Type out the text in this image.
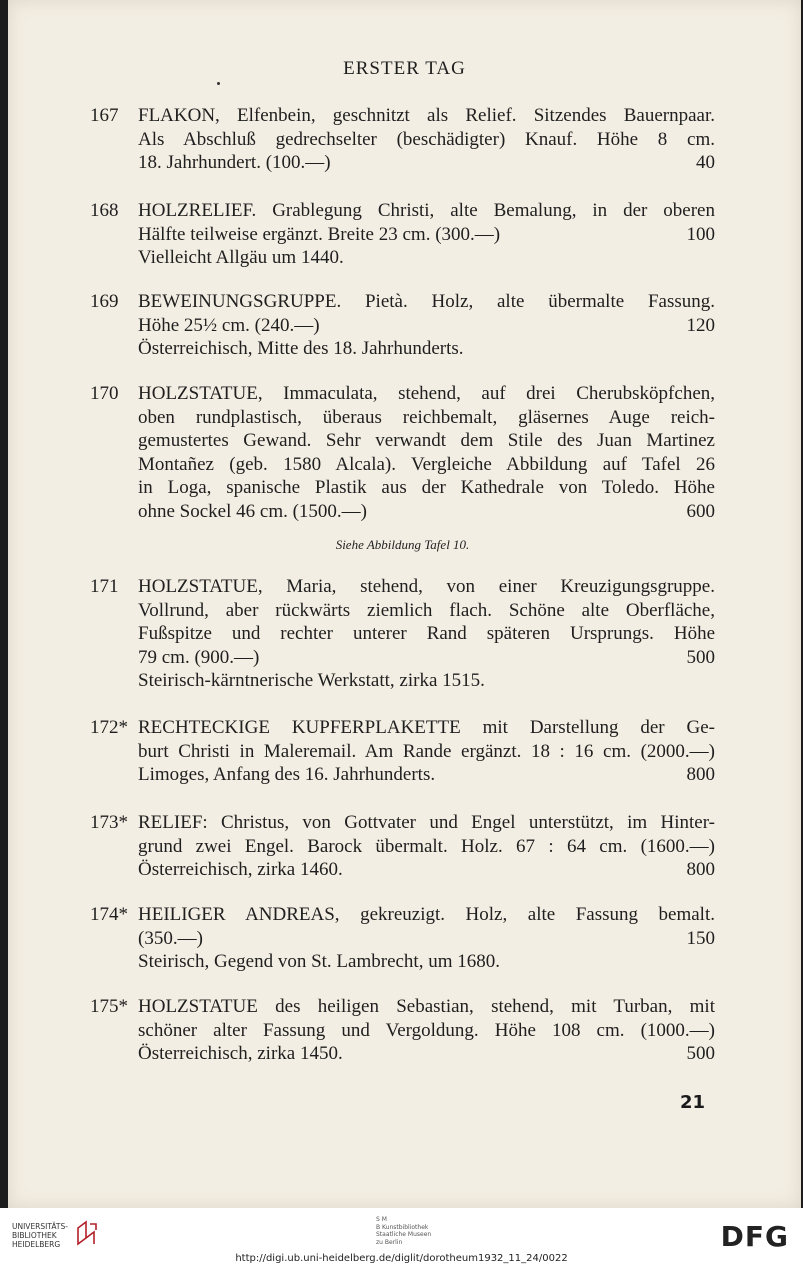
ERSTER TAG
167	FLAKON, Elfenbein, geschnitzt als Relief. Sitzendes Bauernpaar.
Als Abschluß gedrechselter (beschädigter) Knauf. Höhe 8 cm.
18. Jahrhundert. (100.—)	40
168	HOLZRELIEF. Grablegung Christi, alte Bemalung, in der oberen
Hälfte teilweise ergänzt. Breite 23 cm. (300.—)	100
Vielleicht Allgäu um 1440.
169	BEWEINUNGSGRUPPE. Pietà. Holz, alte übermalte Fassung.
Höhe 25½ cm. (240.—)	120
Österreichisch, Mitte des 18. Jahrhunderts.
170	HOLZSTATUE, Immaculata, stehend, auf drei Cherubsköpfchen,
oben rundplastisch, überaus reichbemalt, gläsernes Auge reich-
gemustertes Gewand. Sehr verwandt dem Stile des Juan Martinez
Montañez (geb. 1580 Alcala). Vergleiche Abbildung auf Tafel 26
in Loga, spanische Plastik aus der Kathedrale von Toledo. Höhe
ohne Sockel 46 cm. (1500.—)	600
Siehe Abbildung Tafel 10.
171	HOLZSTATUE, Maria, stehend, von einer Kreuzigungsgruppe.
Vollrund, aber rückwärts ziemlich flach. Schöne alte Oberfläche,
Fußspitze und rechter unterer Rand späteren Ursprungs. Höhe
79 cm. (900.—)	500
Steirisch-kärntnerische Werkstatt, zirka 1515.
172* RECHTECKIGE KUPFERPLAKETTE mit Darstellung der Ge-
burt Christi in Maleremail. Am Rande ergänzt. 18 : 16 cm. (2000.—)
Limoges, Anfang des 16. Jahrhunderts.	800
173* RELIEF: Christus, von Gottvater und Engel unterstützt, im Hinter-
grund zwei Engel. Barock übermalt. Holz. 67 : 64 cm. (1600.—)
Österreichisch, zirka 1460.	800
174* HEILIGER ANDREAS, gekreuzigt. Holz, alte Fassung bemalt.
(350.—)	150
Steirisch, Gegend von St. Lambrecht, um 1680.
175* HOLZSTATUE des heiligen Sebastian, stehend, mit Turban, mit
schöner alter Fassung und Vergoldung. Höhe 108 cm. (1000.—)
Österreichisch, zirka 1450.	500
21
UNIVERSITÄTS-
BIBLIOTHEK
HEIDELBERG
S M
B Kunstbibliothek
Staatliche Museen
zu Berlin	DFG
http://digi.ub.uni-heidelberg.de/diglit/dorotheum1932_11_24/0022
